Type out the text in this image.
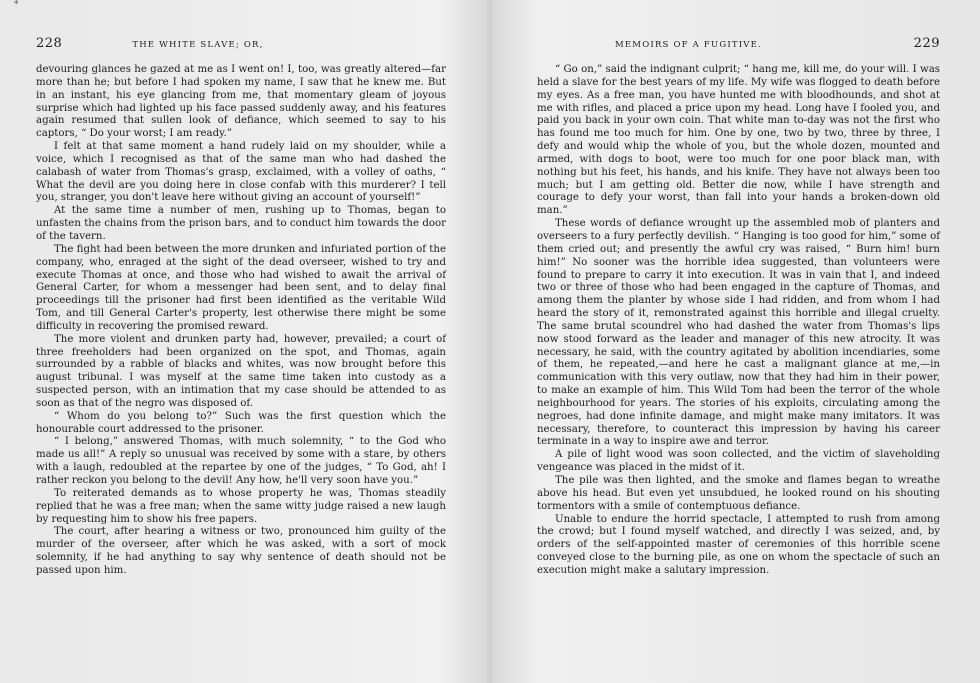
*
228	THE WHITE SLAVE; OR,

devouring glances he gazed at me as I went on! I, too, was greatly altered—far more than he; but before I had spoken my name, I saw that he knew me. But in an instant, his eye glancing from me, that momentary gleam of joyous surprise which had lighted up his face passed suddenly away, and his features again resumed that sullen look of defiance, which seemed to say to his captors, “ Do your worst; I am ready.”

I felt at that same moment a hand rudely laid on my shoulder, while a voice, which I recognised as that of the same man who had dashed the calabash of water from Thomas's grasp, exclaimed, with a volley of oaths, “ What the devil are you doing here in close confab with this murderer? I tell you, stranger, you don't leave here without giving an account of yourself!”

At the same time a number of men, rushing up to Thomas, began to unfasten the chains from the prison bars, and to conduct him towards the door of the tavern.

The fight had been between the more drunken and infuriated portion of the company, who, enraged at the sight of the dead overseer, wished to try and execute Thomas at once, and those who had wished to await the arrival of General Carter, for whom a messenger had been sent, and to delay final proceedings till the prisoner had first been identified as the veritable Wild Tom, and till General Carter's property, lest otherwise there might be some difficulty in recovering the promised reward.

The more violent and drunken party had, however, prevailed; a court of three freeholders had been organized on the spot, and Thomas, again surrounded by a rabble of blacks and whites, was now brought before this august tribunal. I was myself at the same time taken into custody as a suspected person, with an intimation that my case should be attended to as soon as that of the negro was disposed of.

“ Whom do you belong to?” Such was the first question which the honourable court addressed to the prisoner.

“ I belong,” answered Thomas, with much solemnity, “ to the God who made us all!” A reply so unusual was received by some with a stare, by others with a laugh, redoubled at the repartee by one of the judges, “ To God, ah! I rather reckon you belong to the devil! Any how, he'll very soon have you.”

To reiterated demands as to whose property he was, Thomas steadily replied that he was a free man; when the same witty judge raised a new laugh by requesting him to show his free papers.

The court, after hearing a witness or two, pronounced him guilty of the murder of the overseer, after which he was asked, with a sort of mock solemnity, if he had anything to say why sentence of death should not be passed upon him.

MEMOIRS OF A FUGITIVE.	229

“ Go on,” said the indignant culprit; “ hang me, kill me, do your will. I was held a slave for the best years of my life. My wife was flogged to death before my eyes. As a free man, you have hunted me with bloodhounds, and shot at me with rifles, and placed a price upon my head. Long have I fooled you, and paid you back in your own coin. That white man to-day was not the first who has found me too much for him. One by one, two by two, three by three, I defy and would whip the whole of you, but the whole dozen, mounted and armed, with dogs to boot, were too much for one poor black man, with nothing but his feet, his hands, and his knife. They have not always been too much; but I am getting old. Better die now, while I have strength and courage to defy your worst, than fall into your hands a broken-down old man.”

These words of defiance wrought up the assembled mob of planters and overseers to a fury perfectly devilish. “ Hanging is too good for him,” some of them cried out; and presently the awful cry was raised, “ Burn him! burn him!” No sooner was the horrible idea suggested, than volunteers were found to prepare to carry it into execution. It was in vain that I, and indeed two or three of those who had been engaged in the capture of Thomas, and among them the planter by whose side I had ridden, and from whom I had heard the story of it, remonstrated against this horrible and illegal cruelty. The same brutal scoundrel who had dashed the water from Thomas's lips now stood forward as the leader and manager of this new atrocity. It was necessary, he said, with the country agitated by abolition incendiaries, some of them, he repeated,—and here he cast a malignant glance at me,—in communication with this very outlaw, now that they had him in their power, to make an example of him. This Wild Tom had been the terror of the whole neighbourhood for years. The stories of his exploits, circulating among the negroes, had done infinite damage, and might make many imitators. It was necessary, therefore, to counteract this impression by having his career terminate in a way to inspire awe and terror.

A pile of light wood was soon collected, and the victim of slaveholding vengeance was placed in the midst of it.

The pile was then lighted, and the smoke and flames began to wreathe above his head. But even yet unsubdued, he looked round on his shouting tormentors with a smile of contemptuous defiance.

Unable to endure the horrid spectacle, I attempted to rush from among the crowd; but I found myself watched, and directly I was seized, and, by orders of the self-appointed master of ceremonies of this horrible scene conveyed close to the burning pile, as one on whom the spectacle of such an execution might make a salutary impression.
